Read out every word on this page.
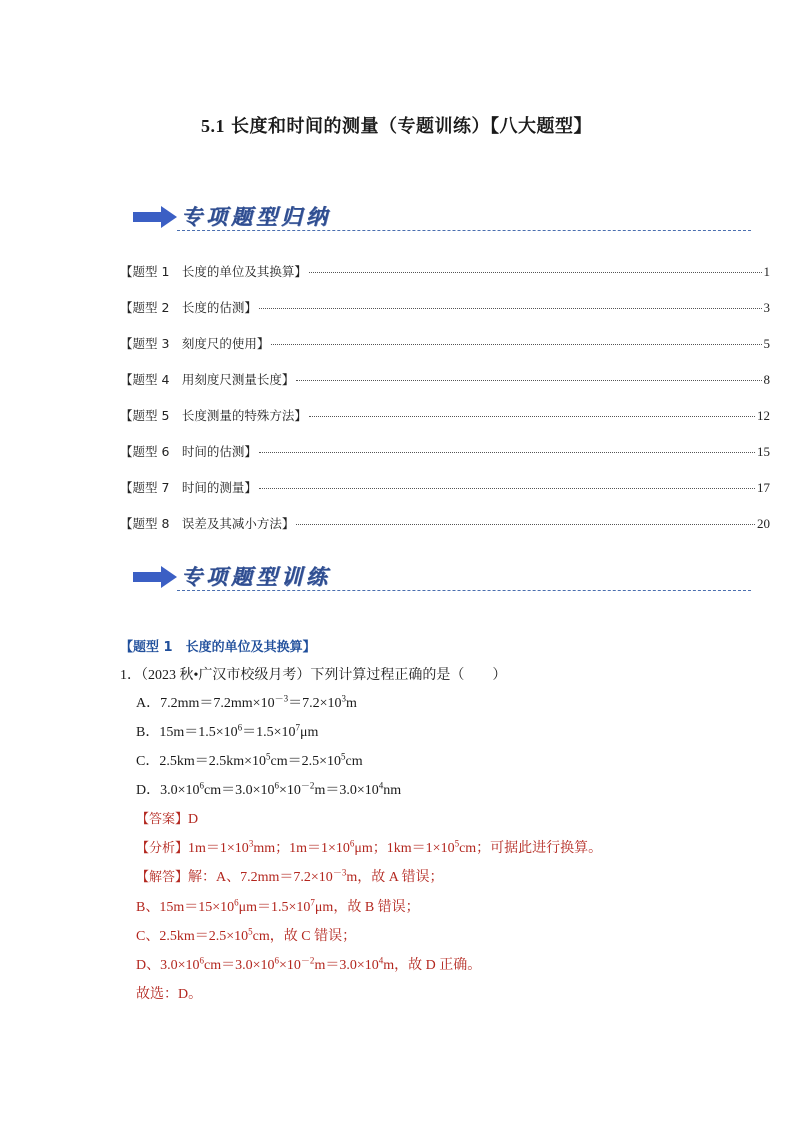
5.1 长度和时间的测量（专题训练）【八大题型】
专项题型归纳
【题型 1　长度的单位及其换算】	1
【题型 2　长度的估测】	3
【题型 3　刻度尺的使用】	5
【题型 4　用刻度尺测量长度】	8
【题型 5　长度测量的特殊方法】	12
【题型 6　时间的估测】	15
【题型 7　时间的测量】	17
【题型 8　误差及其减小方法】	20
专项题型训练
【题型 1　长度的单位及其换算】
1．（2023 秋•广汉市校级月考）下列计算过程正确的是（　　）
A．$7.2mm=7.2mm\times 10^{-3}=7.2\times 10^3m$
B．$15m=1.5\times 10^6=1.5\times 10^7\mu m$
C．$2.5km=2.5km\times 10^5cm=2.5\times 10^5cm$
D．$3.0\times 10^6cm=3.0\times 10^6\times 10^{-2}m=3.0\times 10^4nm$
【答案】D
【分析】$1m=1\times 10^3mm$；$1m=1\times 10^6\mu m$；$1km=1\times 10^5cm$；可据此进行换算。
【解答】解：A、$7.2mm=7.2\times 10^{-3}m$，故 A 错误；
B、$15m=15\times 10^6\mu m=1.5\times 10^7\mu m$，故 B 错误；
C、$2.5km=2.5\times 10^5cm$，故 C 错误；
D、$3.0\times 10^6cm=3.0\times 10^6\times 10^{-2}m=3.0\times 10^4m$，故 D 正确。
故选：D。
